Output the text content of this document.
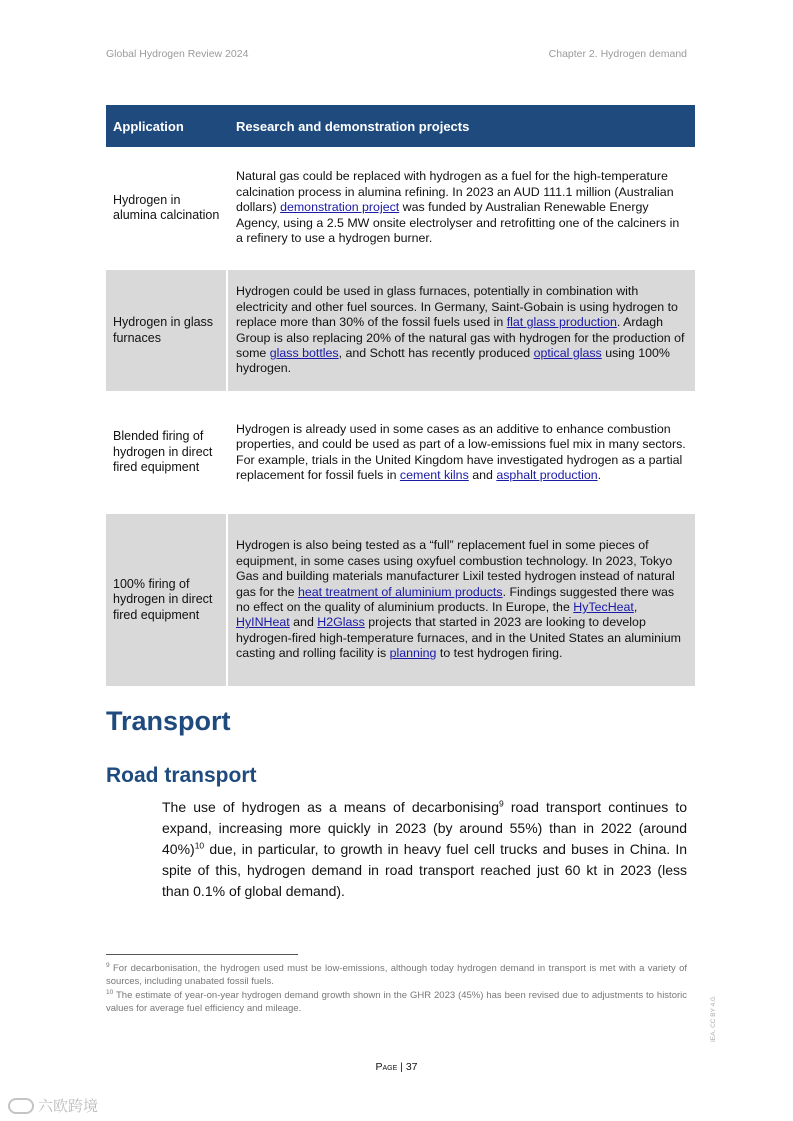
Global Hydrogen Review 2024	Chapter 2. Hydrogen demand
Application	Research and demonstration projects
Hydrogen in alumina calcination
Natural gas could be replaced with hydrogen as a fuel for the high-temperature calcination process in alumina refining. In 2023 an AUD 111.1 million (Australian dollars) demonstration project was funded by Australian Renewable Energy Agency, using a 2.5 MW onsite electrolyser and retrofitting one of the calciners in a refinery to use a hydrogen burner.
Hydrogen in glass furnaces
Hydrogen could be used in glass furnaces, potentially in combination with electricity and other fuel sources. In Germany, Saint-Gobain is using hydrogen to replace more than 30% of the fossil fuels used in flat glass production. Ardagh Group is also replacing 20% of the natural gas with hydrogen for the production of some glass bottles, and Schott has recently produced optical glass using 100% hydrogen.
Blended firing of hydrogen in direct fired equipment
Hydrogen is already used in some cases as an additive to enhance combustion properties, and could be used as part of a low-emissions fuel mix in many sectors. For example, trials in the United Kingdom have investigated hydrogen as a partial replacement for fossil fuels in cement kilns and asphalt production.
100% firing of hydrogen in direct fired equipment
Hydrogen is also being tested as a “full” replacement fuel in some pieces of equipment, in some cases using oxyfuel combustion technology. In 2023, Tokyo Gas and building materials manufacturer Lixil tested hydrogen instead of natural gas for the heat treatment of aluminium products. Findings suggested there was no effect on the quality of aluminium products. In Europe, the HyTecHeat, HyINHeat and H2Glass projects that started in 2023 are looking to develop hydrogen-fired high-temperature furnaces, and in the United States an aluminium casting and rolling facility is planning to test hydrogen firing.
Transport
Road transport
The use of hydrogen as a means of decarbonising$^9$ road transport continues to expand, increasing more quickly in 2023 (by around 55%) than in 2022 (around 40%)$^{10}$ due, in particular, to growth in heavy fuel cell trucks and buses in China. In spite of this, hydrogen demand in road transport reached just 60 kt in 2023 (less than 0.1% of global demand).
$^9$ For decarbonisation, the hydrogen used must be low-emissions, although today hydrogen demand in transport is met with a variety of sources, including unabated fossil fuels.
$^{10}$ The estimate of year-on-year hydrogen demand growth shown in the GHR 2023 (45%) has been revised due to adjustments to historic values for average fuel efficiency and mileage.
Page | 37
IEA. CC BY 4.0.
六欧跨境
